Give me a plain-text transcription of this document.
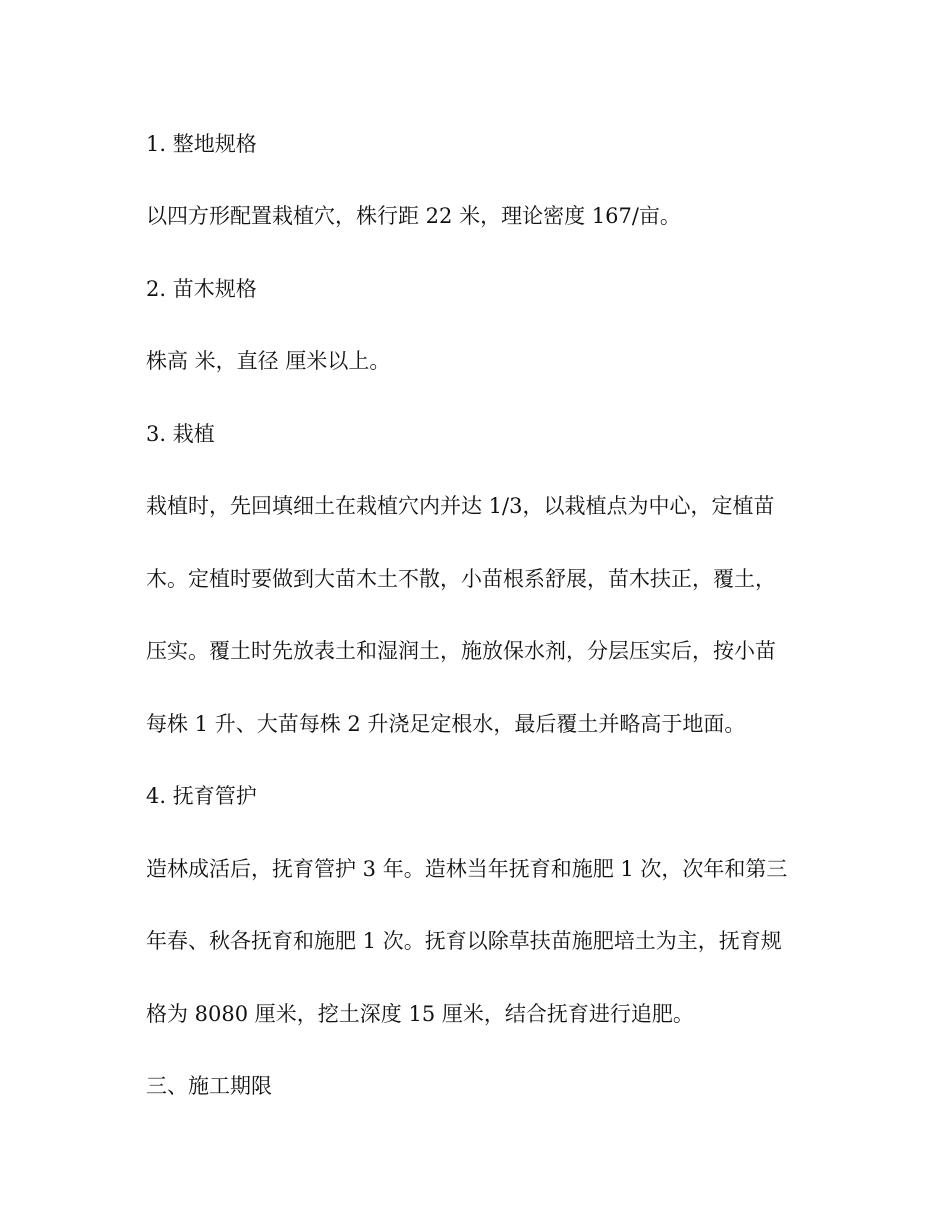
1. 整地规格
以四方形配置栽植穴，株行距 22 米，理论密度 167/亩。
2. 苗木规格
株高 米，直径 厘米以上。
3. 栽植
栽植时，先回填细土在栽植穴内并达 1/3，以栽植点为中心，定植苗
木。定植时要做到大苗木土不散，小苗根系舒展，苗木扶正，覆土，
压实。覆土时先放表土和湿润土，施放保水剂，分层压实后，按小苗
每株 1 升、大苗每株 2 升浇足定根水，最后覆土并略高于地面。
4. 抚育管护
造林成活后，抚育管护 3 年。造林当年抚育和施肥 1 次，次年和第三
年春、秋各抚育和施肥 1 次。抚育以除草扶苗施肥培土为主，抚育规
格为 8080 厘米，挖土深度 15 厘米，结合抚育进行追肥。
三、施工期限
